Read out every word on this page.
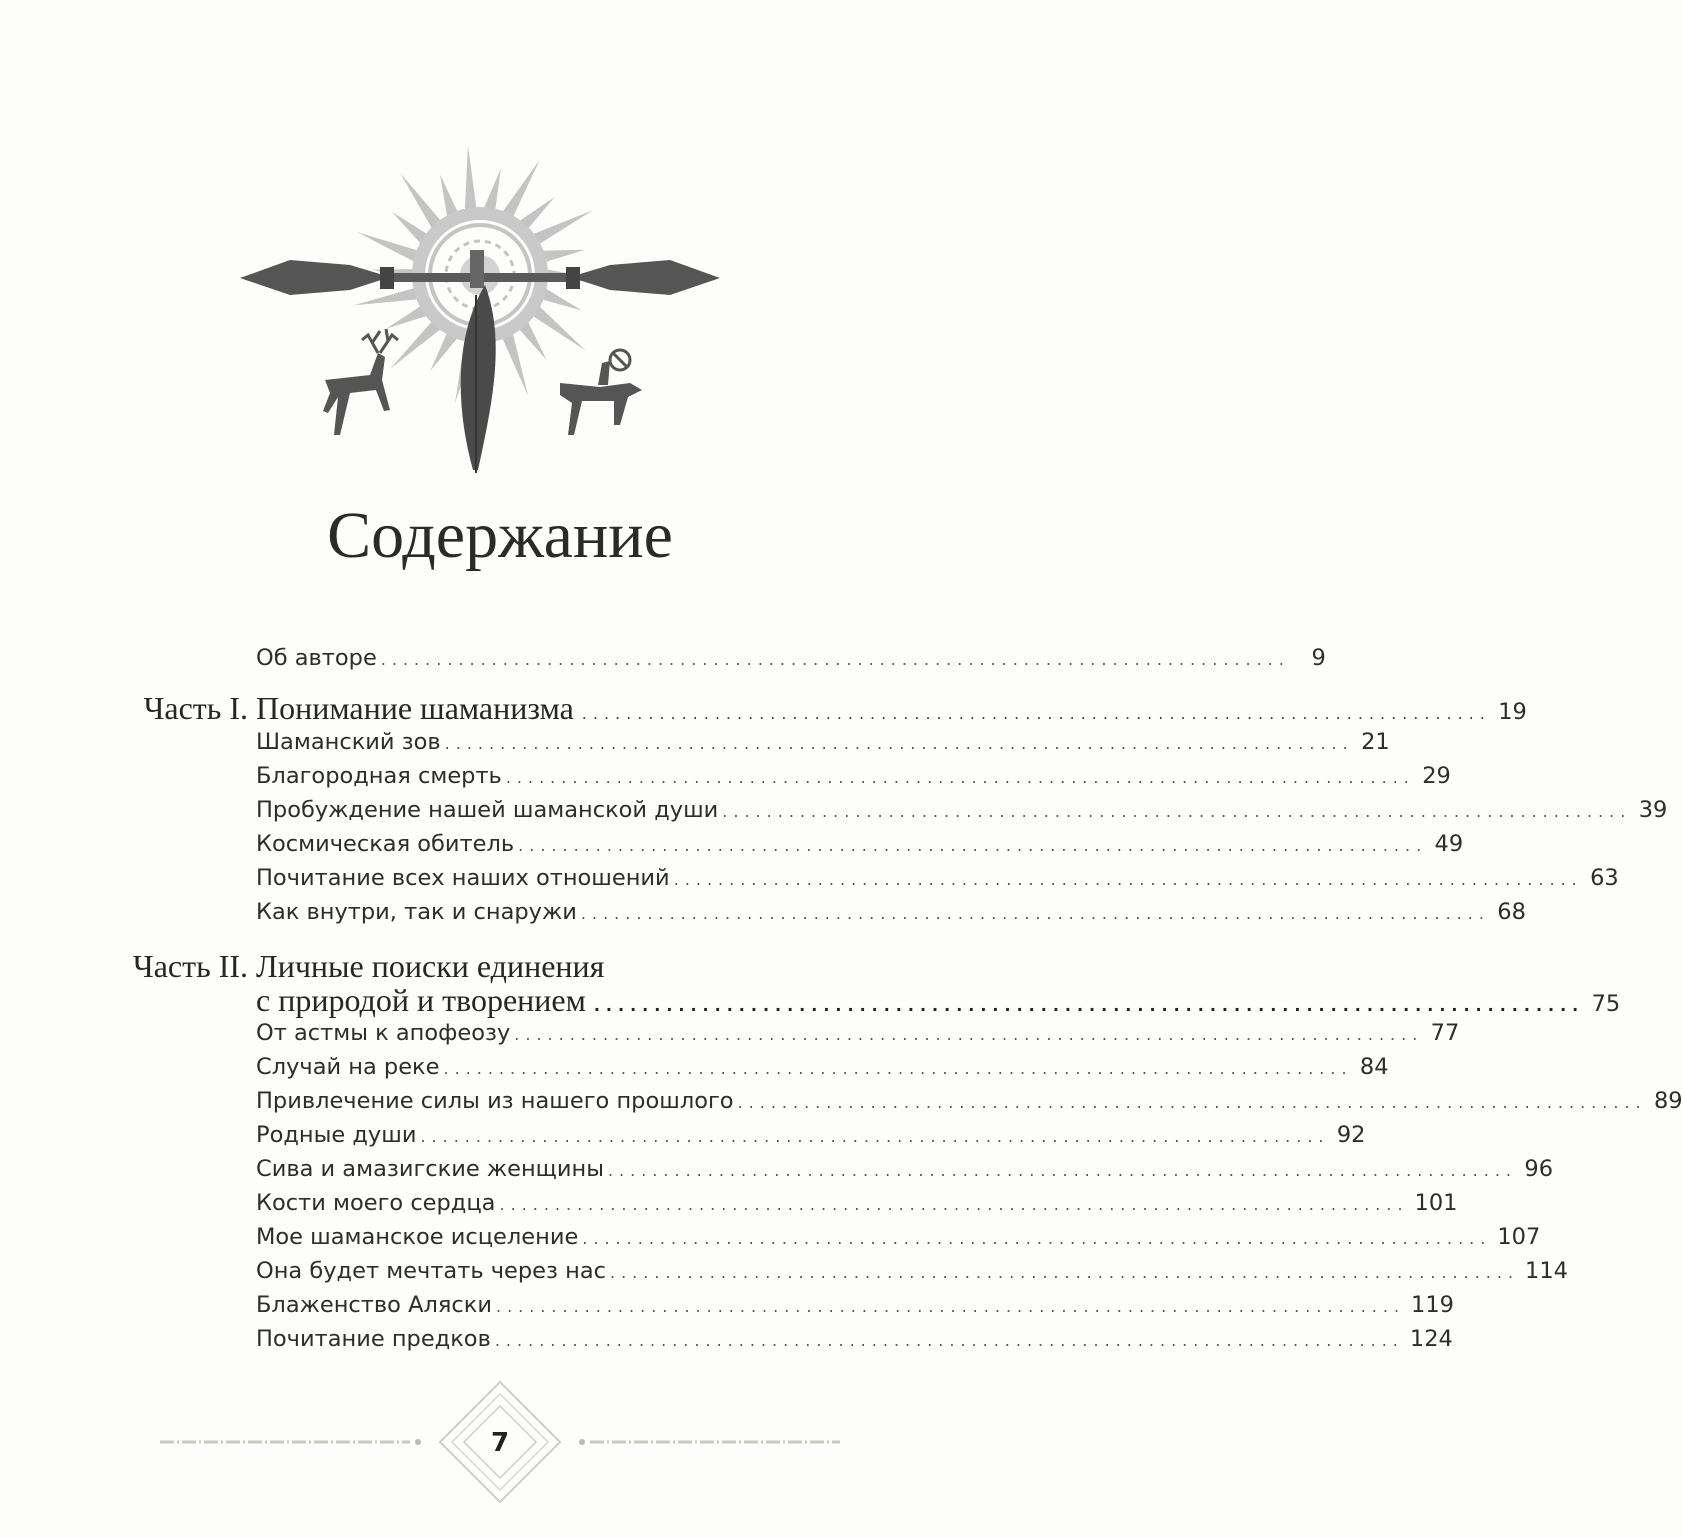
Содержание
Об авторе .................................................................................. 9
Часть I. Понимание шаманизма .................................................................................. 19
Шаманский зов .................................................................................. 21
Благородная смерть .................................................................................. 29
Пробуждение нашей шаманской души .................................................................................. 39
Космическая обитель .................................................................................. 49
Почитание всех наших отношений .................................................................................. 63
Как внутри, так и снаружи .................................................................................. 68
Часть II. Личные поиски единения
с природой и творением .................................................................................. 75
От астмы к апофеозу .................................................................................. 77
Случай на реке .................................................................................. 84
Привлечение силы из нашего прошлого .................................................................................. 89
Родные души .................................................................................. 92
Сива и амазигские женщины .................................................................................. 96
Кости моего сердца .................................................................................. 101
Мое шаманское исцеление .................................................................................. 107
Она будет мечтать через нас .................................................................................. 114
Блаженство Аляски .................................................................................. 119
Почитание предков .................................................................................. 124
7
